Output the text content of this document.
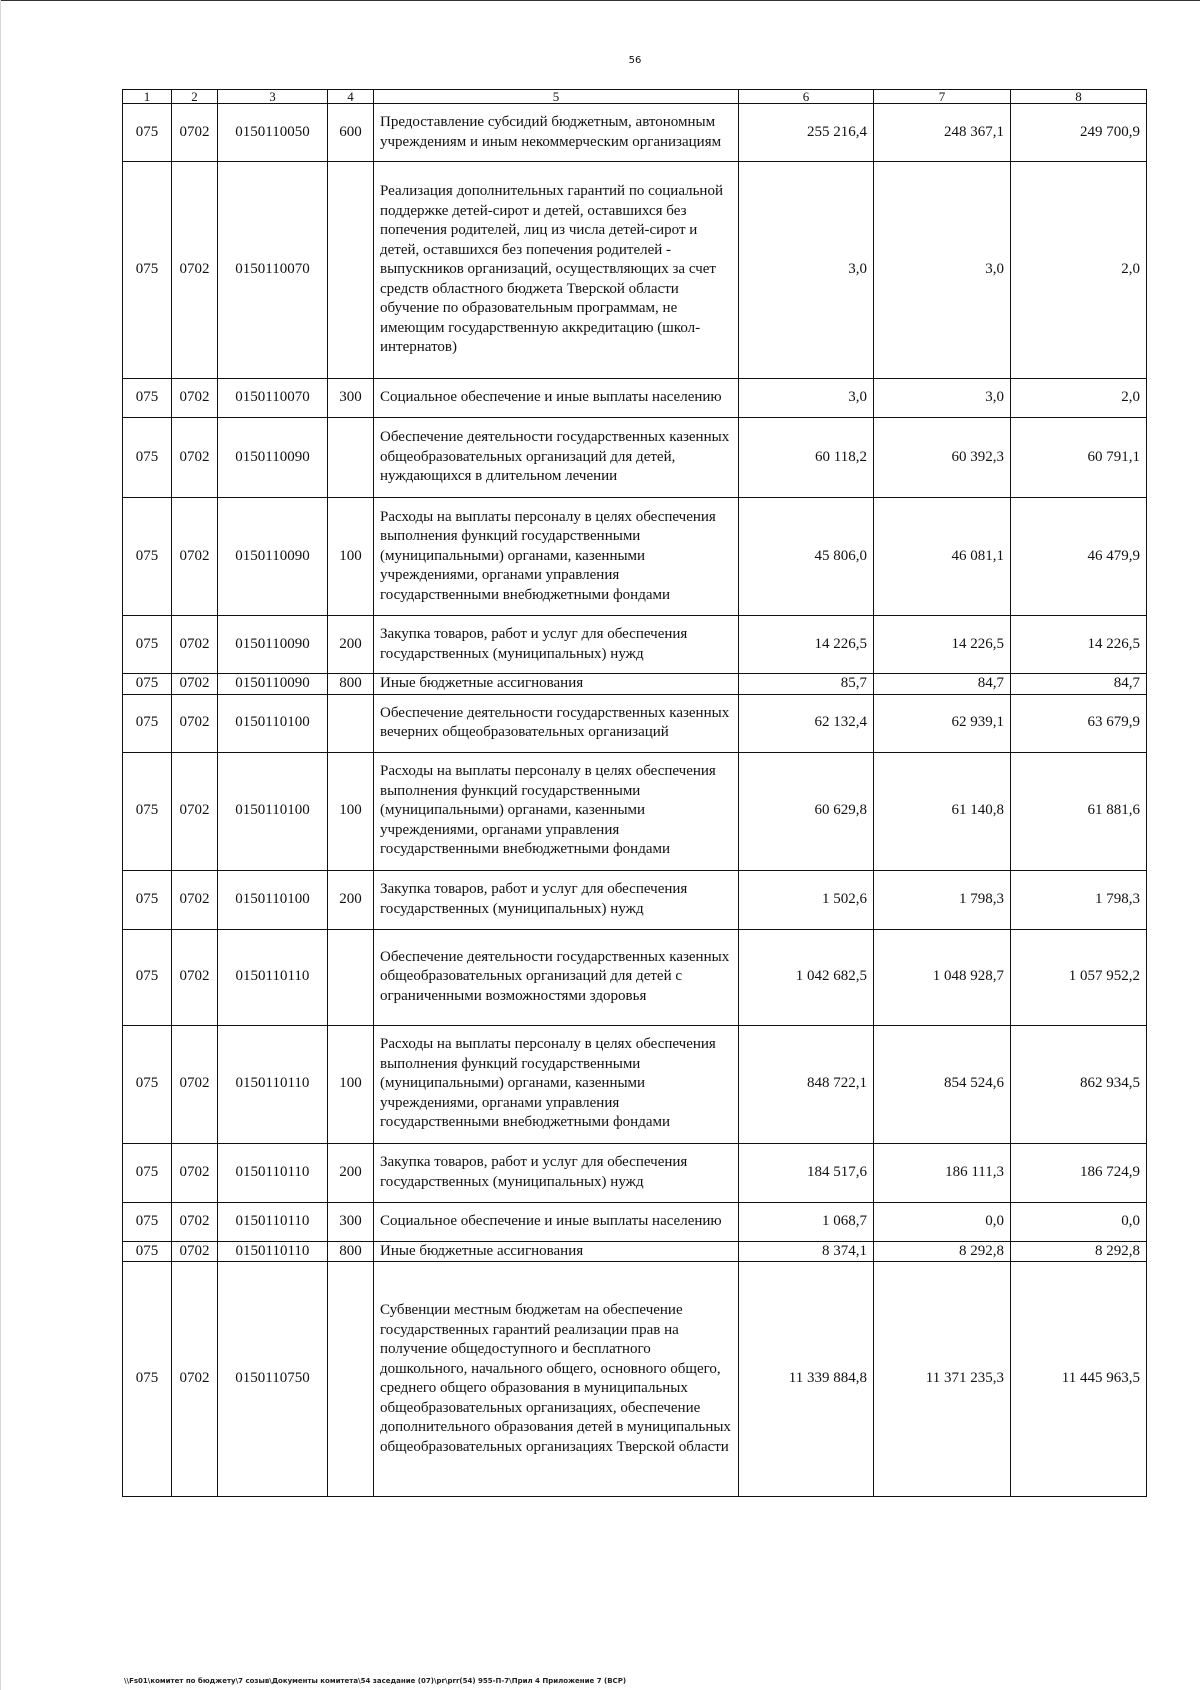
56
1	2	3	4	5	6	7	8
075	0702	0150110050	600	Предоставление субсидий бюджетным, автономным учреждениям и иным некоммерческим организациям	255 216,4	248 367,1	249 700,9
075	0702	0150110070		Реализация дополнительных гарантий по социальной поддержке детей-сирот и детей, оставшихся без попечения родителей, лиц из числа детей-сирот и детей, оставшихся без попечения родителей - выпускников организаций, осуществляющих за счет средств областного бюджета Тверской области обучение по образовательным программам, не имеющим государственную аккредитацию (школ-интернатов)	3,0	3,0	2,0
075	0702	0150110070	300	Социальное обеспечение и иные выплаты населению	3,0	3,0	2,0
075	0702	0150110090		Обеспечение деятельности государственных казенных общеобразовательных организаций для детей, нуждающихся в длительном лечении	60 118,2	60 392,3	60 791,1
075	0702	0150110090	100	Расходы на выплаты персоналу в целях обеспечения выполнения функций государственными (муниципальными) органами, казенными учреждениями, органами управления государственными внебюджетными фондами	45 806,0	46 081,1	46 479,9
075	0702	0150110090	200	Закупка товаров, работ и услуг для обеспечения государственных (муниципальных) нужд	14 226,5	14 226,5	14 226,5
075	0702	0150110090	800	Иные бюджетные ассигнования	85,7	84,7	84,7
075	0702	0150110100		Обеспечение деятельности государственных казенных вечерних общеобразовательных организаций	62 132,4	62 939,1	63 679,9
075	0702	0150110100	100	Расходы на выплаты персоналу в целях обеспечения выполнения функций государственными (муниципальными) органами, казенными учреждениями, органами управления государственными внебюджетными фондами	60 629,8	61 140,8	61 881,6
075	0702	0150110100	200	Закупка товаров, работ и услуг для обеспечения государственных (муниципальных) нужд	1 502,6	1 798,3	1 798,3
075	0702	0150110110		Обеспечение деятельности государственных казенных общеобразовательных организаций для детей с ограниченными возможностями здоровья	1 042 682,5	1 048 928,7	1 057 952,2
075	0702	0150110110	100	Расходы на выплаты персоналу в целях обеспечения выполнения функций государственными (муниципальными) органами, казенными учреждениями, органами управления государственными внебюджетными фондами	848 722,1	854 524,6	862 934,5
075	0702	0150110110	200	Закупка товаров, работ и услуг для обеспечения государственных (муниципальных) нужд	184 517,6	186 111,3	186 724,9
075	0702	0150110110	300	Социальное обеспечение и иные выплаты населению	1 068,7	0,0	0,0
075	0702	0150110110	800	Иные бюджетные ассигнования	8 374,1	8 292,8	8 292,8
075	0702	0150110750		Субвенции местным бюджетам на обеспечение государственных гарантий реализации прав на получение общедоступного и бесплатного дошкольного, начального общего, основного общего, среднего общего образования в муниципальных общеобразовательных организациях, обеспечение дополнительного образования детей в муниципальных общеобразовательных организациях Тверской области	11 339 884,8	11 371 235,3	11 445 963,5
\\Fs01\комитет по бюджету\7 созыв\Документы комитета\54 заседание (07)\pr\prr(54) 955-П-7\Прил 4 Приложение 7 (ВСР)
